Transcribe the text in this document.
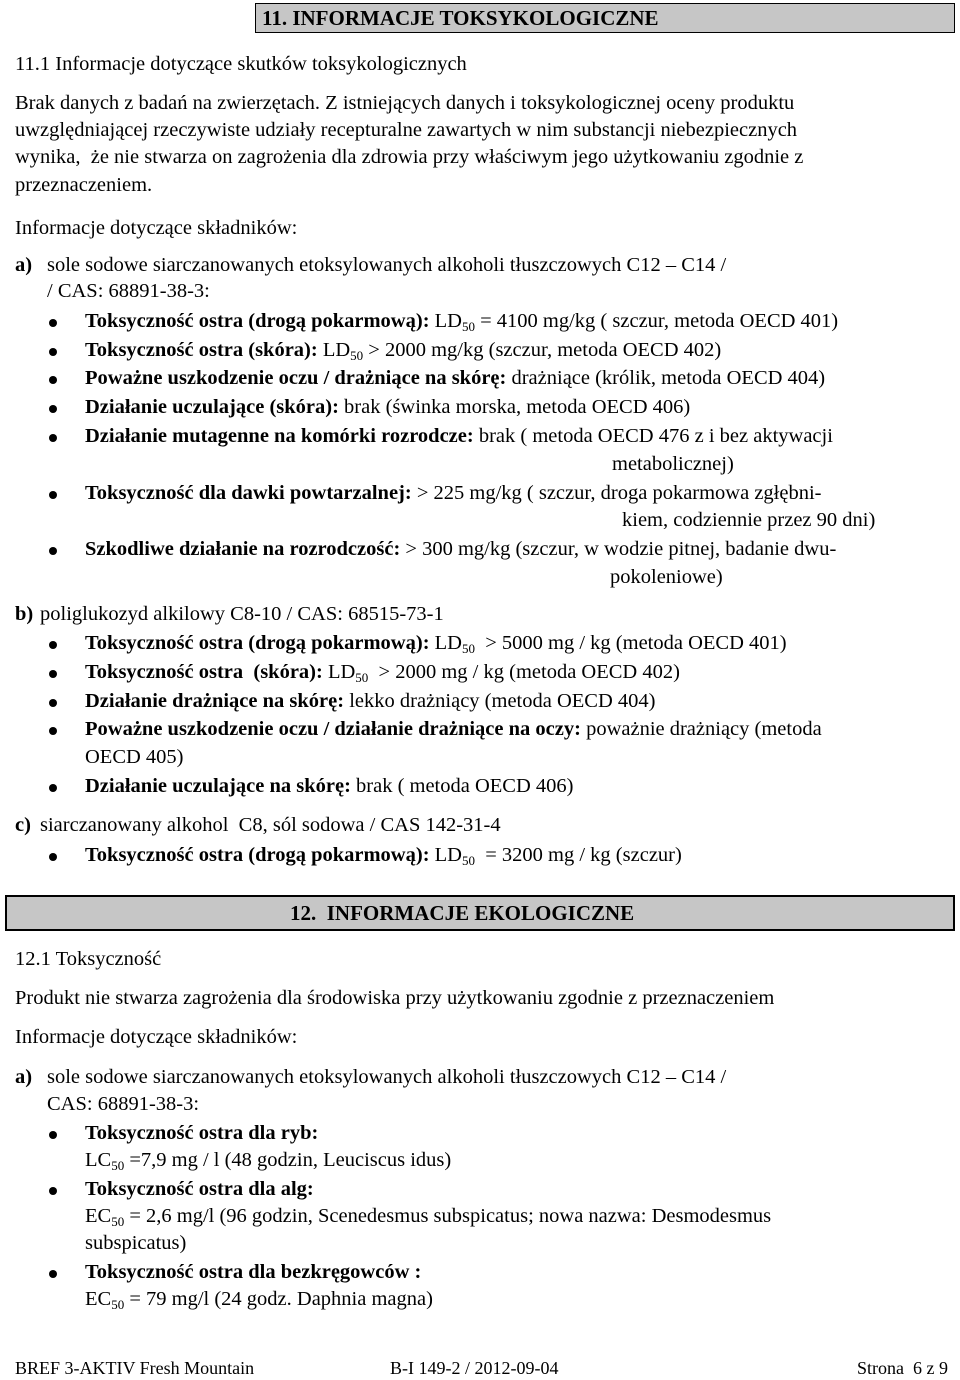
11. INFORMACJE TOKSYKOLOGICZNE
11.1 Informacje dotyczące skutków toksykologicznych
Brak danych z badań na zwierzętach. Z istniejących danych i toksykologicznej oceny produktu
uwzględniającej rzeczywiste udziały recepturalne zawartych w nim substancji niebezpiecznych
wynika,  że nie stwarza on zagrożenia dla zdrowia przy właściwym jego użytkowaniu zgodnie z
przeznaczeniem.
Informacje dotyczące składników:
a) sole sodowe siarczanowanych etoksylowanych alkoholi tłuszczowych C12 – C14 /
/ CAS: 68891-38-3:
Toksyczność ostra (drogą pokarmową): LD50 = 4100 mg/kg ( szczur, metoda OECD 401)
Toksyczność ostra (skóra): LD50 > 2000 mg/kg (szczur, metoda OECD 402)
Poważne uszkodzenie oczu / drażniące na skórę: drażniące (królik, metoda OECD 404)
Działanie uczulające (skóra): brak (świnka morska, metoda OECD 406)
Działanie mutagenne na komórki rozrodcze: brak ( metoda OECD 476 z i bez aktywacji
metabolicznej)
Toksyczność dla dawki powtarzalnej: > 225 mg/kg ( szczur, droga pokarmowa zgłębni-
kiem, codziennie przez 90 dni)
Szkodliwe działanie na rozrodczość: > 300 mg/kg (szczur, w wodzie pitnej, badanie dwu-
pokoleniowe)
b) poliglukozyd alkilowy C8-10 / CAS: 68515-73-1
Toksyczność ostra (drogą pokarmową): LD50  > 5000 mg / kg (metoda OECD 401)
Toksyczność ostra  (skóra): LD50  > 2000 mg / kg (metoda OECD 402)
Działanie drażniące na skórę: lekko drażniący (metoda OECD 404)
Poważne uszkodzenie oczu / działanie drażniące na oczy: poważnie drażniący (metoda
OECD 405)
Działanie uczulające na skórę: brak ( metoda OECD 406)
c) siarczanowany alkohol  C8, sól sodowa / CAS 142-31-4
Toksyczność ostra (drogą pokarmową): LD50  = 3200 mg / kg (szczur)
12.  INFORMACJE EKOLOGICZNE
12.1 Toksyczność
Produkt nie stwarza zagrożenia dla środowiska przy użytkowaniu zgodnie z przeznaczeniem
Informacje dotyczące składników:
a) sole sodowe siarczanowanych etoksylowanych alkoholi tłuszczowych C12 – C14 /
CAS: 68891-38-3:
Toksyczność ostra dla ryb:
LC50 =7,9 mg / l (48 godzin, Leuciscus idus)
Toksyczność ostra dla alg:
EC50 = 2,6 mg/l (96 godzin, Scenedesmus subspicatus; nowa nazwa: Desmodesmus
subspicatus)
Toksyczność ostra dla bezkręgowców :
EC50 = 79 mg/l (24 godz. Daphnia magna)
BREF 3-AKTIV Fresh Mountain	B-I 149-2 / 2012-09-04	Strona  6 z 9
